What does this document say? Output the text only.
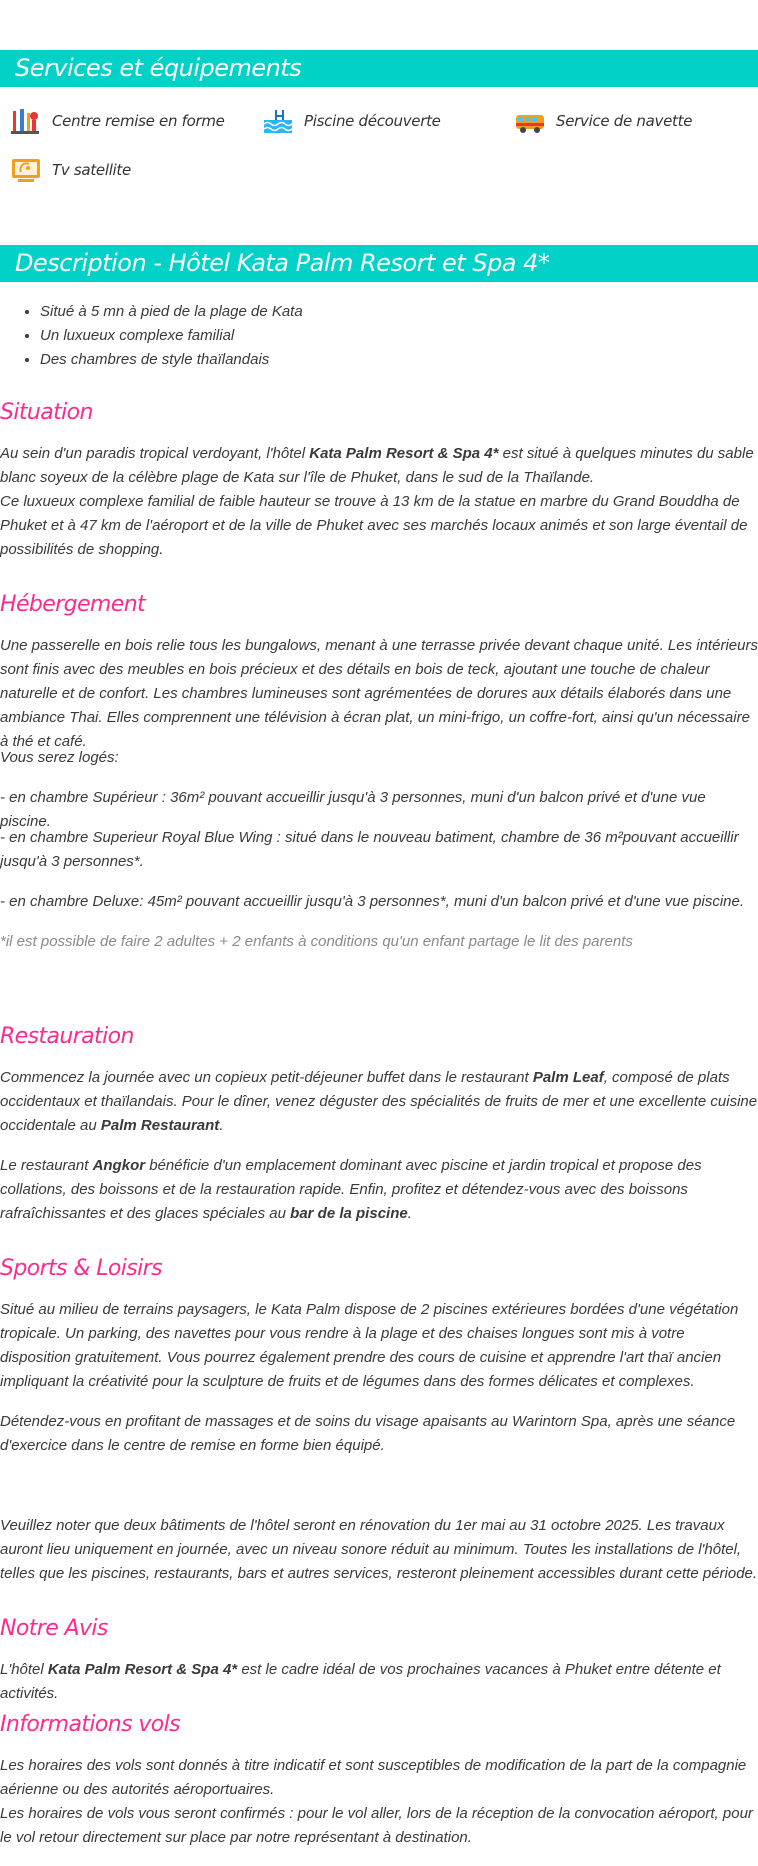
Services et équipements
Centre remise en forme	Piscine découverte	Service de navette
Tv satellite
Description - Hôtel Kata Palm Resort et Spa 4*
• Situé à 5 mn à pied de la plage de Kata
• Un luxueux complexe familial
• Des chambres de style thaïlandais
Situation

Au sein d'un paradis tropical verdoyant, l'hôtel Kata Palm Resort & Spa 4* est situé à quelques minutes du sable blanc soyeux de la célèbre plage de Kata sur l'île de Phuket, dans le sud de la Thaïlande.

Ce luxueux complexe familial de faible hauteur se trouve à 13 km de la statue en marbre du Grand Bouddha de Phuket et à 47 km de l'aéroport et de la ville de Phuket avec ses marchés locaux animés et son large éventail de possibilités de shopping.

Hébergement

Une passerelle en bois relie tous les bungalows, menant à une terrasse privée devant chaque unité. Les intérieurs sont finis avec des meubles en bois précieux et des détails en bois de teck, ajoutant une touche de chaleur naturelle et de confort. Les chambres lumineuses sont agrémentées de dorures aux détails élaborés dans une ambiance Thai. Elles comprennent une télévision à écran plat, un mini-frigo, un coffre-fort, ainsi qu'un nécessaire à thé et café.

Vous serez logés:

- en chambre Supérieur : 36m² pouvant accueillir jusqu'à 3 personnes, muni d'un balcon privé et d'une vue piscine.

- en chambre Superieur Royal Blue Wing : situé dans le nouveau batiment, chambre de 36 m²pouvant accueillir jusqu'à 3 personnes*.

- en chambre Deluxe: 45m² pouvant accueillir jusqu'à 3 personnes*, muni d'un balcon privé et d'une vue piscine.

*il est possible de faire 2 adultes + 2 enfants à conditions qu'un enfant partage le lit des parents

Restauration

Commencez la journée avec un copieux petit-déjeuner buffet dans le restaurant Palm Leaf, composé de plats occidentaux et thaïlandais. Pour le dîner, venez déguster des spécialités de fruits de mer et une excellente cuisine occidentale au Palm Restaurant.

Le restaurant Angkor bénéficie d'un emplacement dominant avec piscine et jardin tropical et propose des collations, des boissons et de la restauration rapide. Enfin, profitez et détendez-vous avec des boissons rafraîchissantes et des glaces spéciales au bar de la piscine.

Sports & Loisirs

Situé au milieu de terrains paysagers, le Kata Palm dispose de 2 piscines extérieures bordées d'une végétation tropicale. Un parking, des navettes pour vous rendre à la plage et des chaises longues sont mis à votre disposition gratuitement. Vous pourrez également prendre des cours de cuisine et apprendre l'art thaï ancien impliquant la créativité pour la sculpture de fruits et de légumes dans des formes délicates et complexes.

Détendez-vous en profitant de massages et de soins du visage apaisants au Warintorn Spa, après une séance d'exercice dans le centre de remise en forme bien équipé.

Veuillez noter que deux bâtiments de l'hôtel seront en rénovation du 1er mai au 31 octobre 2025. Les travaux auront lieu uniquement en journée, avec un niveau sonore réduit au minimum. Toutes les installations de l'hôtel, telles que les piscines, restaurants, bars et autres services, resteront pleinement accessibles durant cette période.

Notre Avis

L'hôtel Kata Palm Resort & Spa 4* est le cadre idéal de vos prochaines vacances à Phuket entre détente et activités.

Informations vols

Les horaires des vols sont donnés à titre indicatif et sont susceptibles de modification de la part de la compagnie aérienne ou des autorités aéroportuaires.

Les horaires de vols vous seront confirmés : pour le vol aller, lors de la réception de la convocation aéroport, pour le vol retour directement sur place par notre représentant à destination.
